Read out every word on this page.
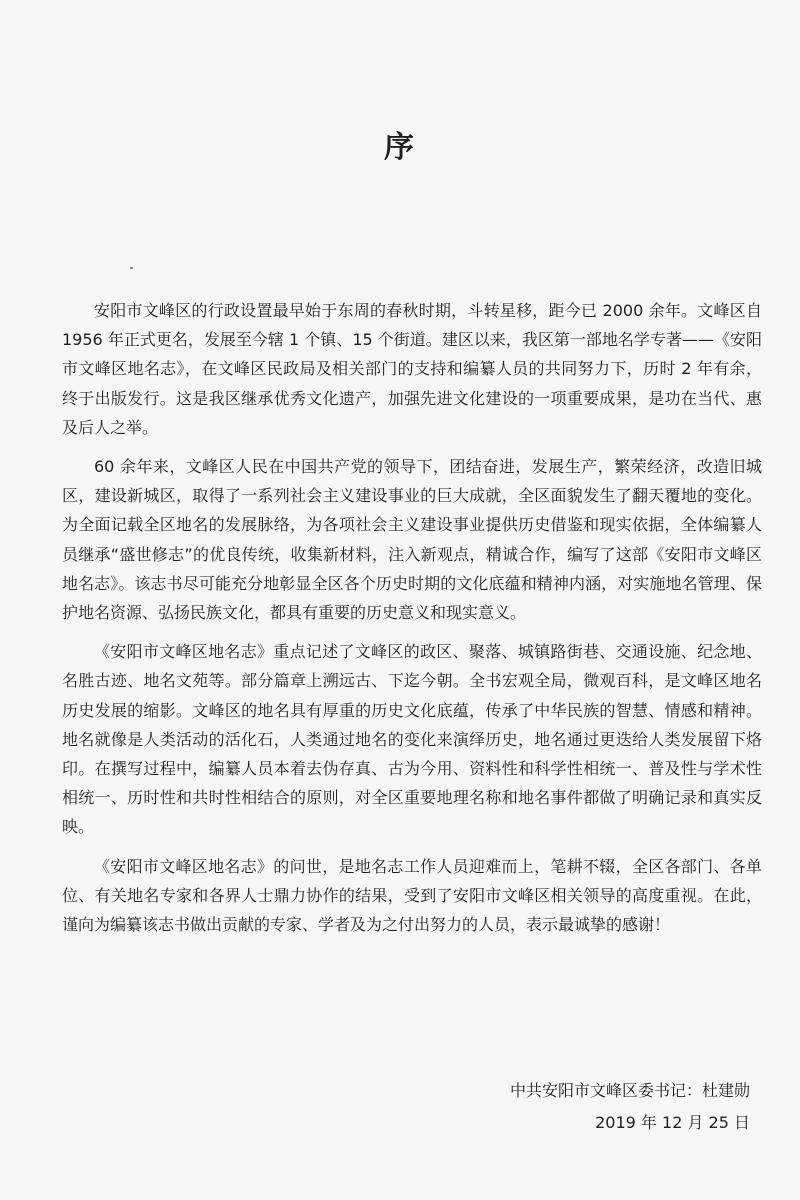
序

安阳市文峰区的行政设置最早始于东周的春秋时期，斗转星移，距今已 2000 余年。文峰区自 1956 年正式更名，发展至今辖 1 个镇、15 个街道。建区以来，我区第一部地名学专著——《安阳市文峰区地名志》，在文峰区民政局及相关部门的支持和编纂人员的共同努力下，历时 2 年有余，终于出版发行。这是我区继承优秀文化遗产，加强先进文化建设的一项重要成果，是功在当代、惠及后人之举。

60 余年来，文峰区人民在中国共产党的领导下，团结奋进，发展生产，繁荣经济，改造旧城区，建设新城区，取得了一系列社会主义建设事业的巨大成就，全区面貌发生了翻天覆地的变化。为全面记载全区地名的发展脉络，为各项社会主义建设事业提供历史借鉴和现实依据，全体编纂人员继承“盛世修志”的优良传统，收集新材料，注入新观点，精诚合作，编写了这部《安阳市文峰区地名志》。该志书尽可能充分地彰显全区各个历史时期的文化底蕴和精神内涵，对实施地名管理、保护地名资源、弘扬民族文化，都具有重要的历史意义和现实意义。

《安阳市文峰区地名志》重点记述了文峰区的政区、聚落、城镇路街巷、交通设施、纪念地、名胜古迹、地名文苑等。部分篇章上溯远古、下迄今朝。全书宏观全局，微观百科，是文峰区地名历史发展的缩影。文峰区的地名具有厚重的历史文化底蕴，传承了中华民族的智慧、情感和精神。地名就像是人类活动的活化石，人类通过地名的变化来演绎历史，地名通过更迭给人类发展留下烙印。在撰写过程中，编纂人员本着去伪存真、古为今用、资料性和科学性相统一、普及性与学术性相统一、历时性和共时性相结合的原则，对全区重要地理名称和地名事件都做了明确记录和真实反映。

《安阳市文峰区地名志》的问世，是地名志工作人员迎难而上，笔耕不辍，全区各部门、各单位、有关地名专家和各界人士鼎力协作的结果，受到了安阳市文峰区相关领导的高度重视。在此，谨向为编纂该志书做出贡献的专家、学者及为之付出努力的人员，表示最诚挚的感谢！

中共安阳市文峰区委书记：杜建勋
2019 年 12 月 25 日
